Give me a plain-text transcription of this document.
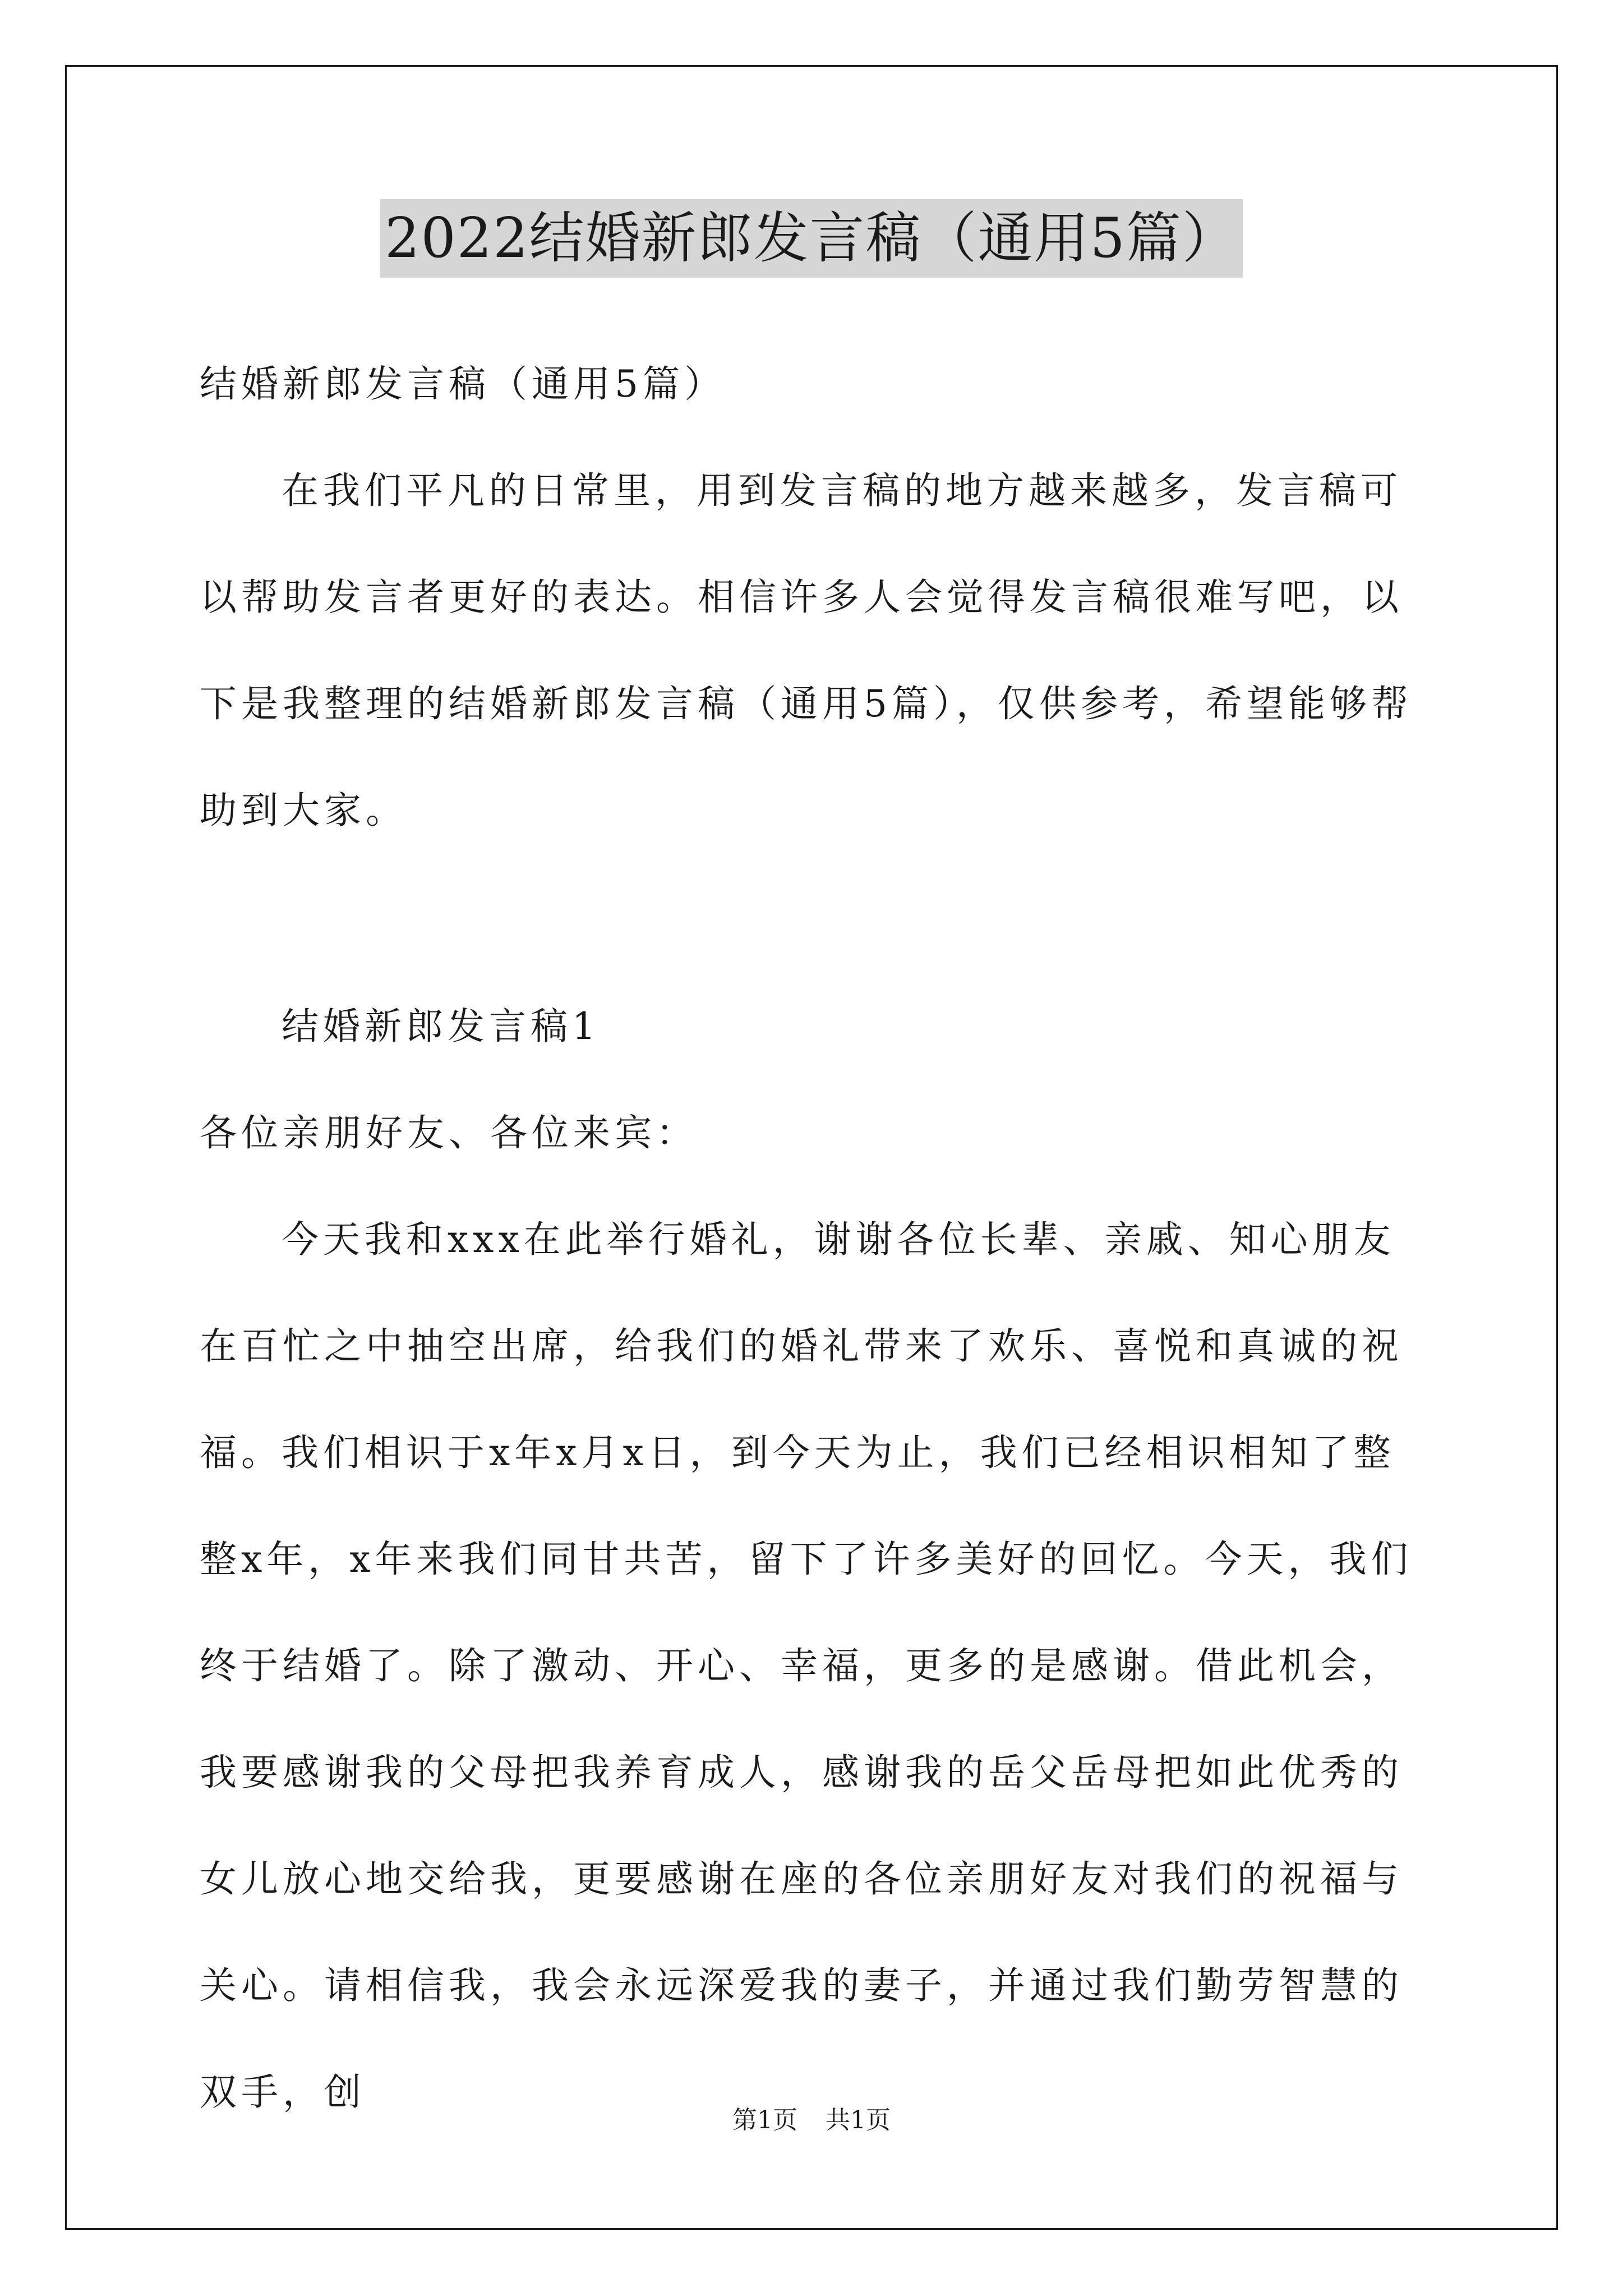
2022结婚新郎发言稿（通用5篇）

结婚新郎发言稿（通用5篇）

在我们平凡的日常里，用到发言稿的地方越来越多，发言稿可以帮助发言者更好的表达。相信许多人会觉得发言稿很难写吧，以下是我整理的结婚新郎发言稿（通用5篇），仅供参考，希望能够帮助到大家。

结婚新郎发言稿1

各位亲朋好友、各位来宾：

今天我和xxx在此举行婚礼，谢谢各位长辈、亲戚、知心朋友在百忙之中抽空出席，给我们的婚礼带来了欢乐、喜悦和真诚的祝福。

我们相识于x年x月x日，到今天为止，我们已经相识相知了整整x年，x年来我们同甘共苦，留下了许多美好的回忆。今天，我们终于结婚了。除了激动、开心、幸福，更多的是感谢。借此机会，我要感谢我的父母把我养育成人，感谢我的岳父岳母把如此优秀的女儿放心地交给我，更要感谢在座的各位亲朋好友对我们的祝福与关心。请相信我，我会永远深爱我的妻子，并通过我们勤劳智慧的双手，创

第1页 共1页
